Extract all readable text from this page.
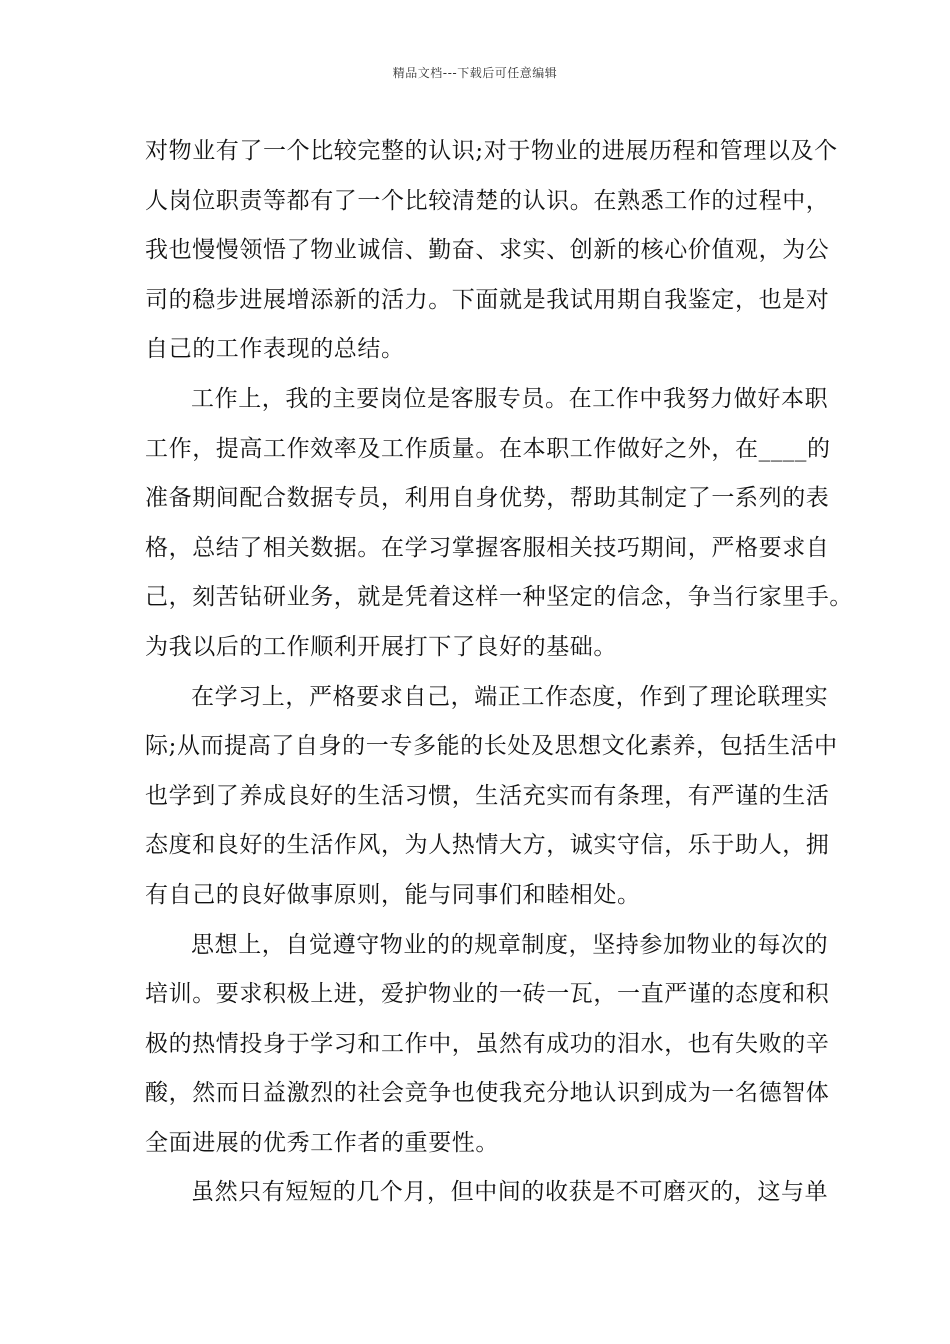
精品文档---下载后可任意编辑
对物业有了一个比较完整的认识;对于物业的进展历程和管理以及个
人岗位职责等都有了一个比较清楚的认识。在熟悉工作的过程中，
我也慢慢领悟了物业诚信、勤奋、求实、创新的核心价值观，为公
司的稳步进展增添新的活力。下面就是我试用期自我鉴定，也是对
自己的工作表现的总结。
工作上，我的主要岗位是客服专员。在工作中我努力做好本职
工作，提高工作效率及工作质量。在本职工作做好之外，在____的
准备期间配合数据专员，利用自身优势，帮助其制定了一系列的表
格，总结了相关数据。在学习掌握客服相关技巧期间，严格要求自
己，刻苦钻研业务，就是凭着这样一种坚定的信念，争当行家里手。
为我以后的工作顺利开展打下了良好的基础。
在学习上，严格要求自己，端正工作态度，作到了理论联理实
际;从而提高了自身的一专多能的长处及思想文化素养，包括生活中
也学到了养成良好的生活习惯，生活充实而有条理，有严谨的生活
态度和良好的生活作风，为人热情大方，诚实守信，乐于助人，拥
有自己的良好做事原则，能与同事们和睦相处。
思想上，自觉遵守物业的的规章制度，坚持参加物业的每次的
培训。要求积极上进，爱护物业的一砖一瓦，一直严谨的态度和积
极的热情投身于学习和工作中，虽然有成功的泪水，也有失败的辛
酸，然而日益激烈的社会竞争也使我充分地认识到成为一名德智体
全面进展的优秀工作者的重要性。
虽然只有短短的几个月，但中间的收获是不可磨灭的，这与单
